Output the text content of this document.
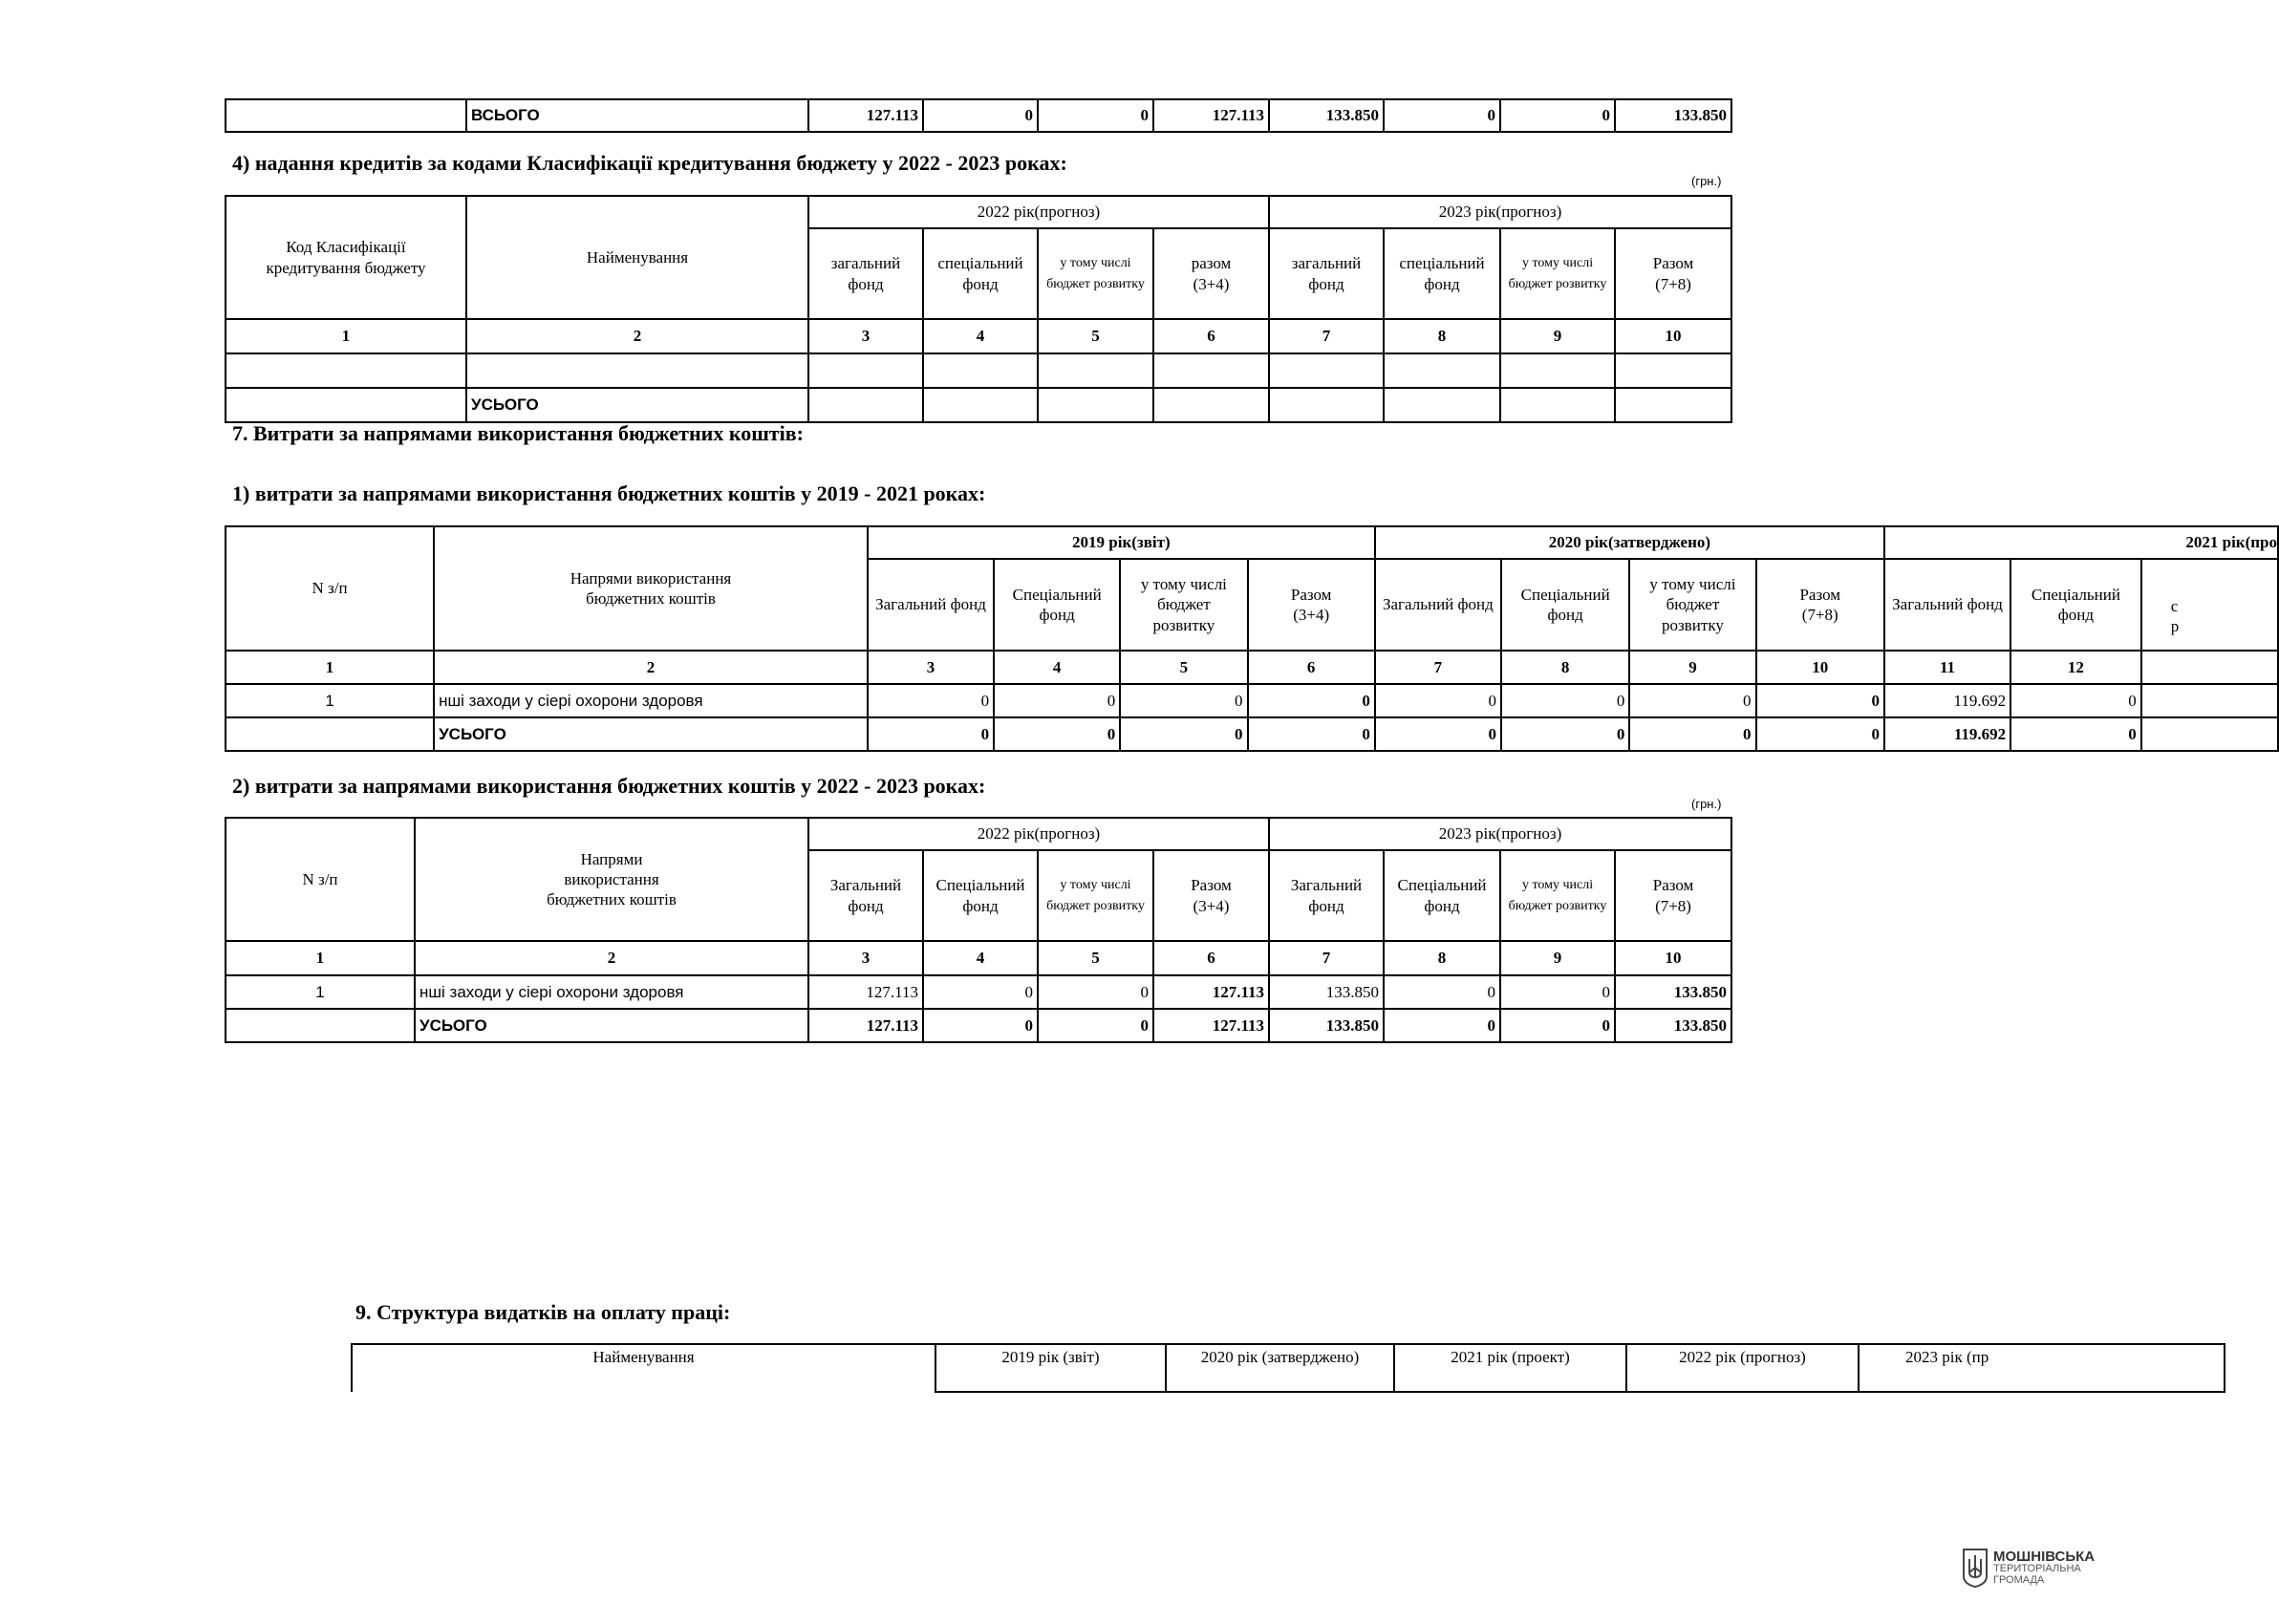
	ВСЬОГО	127.113	0	0	127.113	133.850	0	0	133.850
4) надання кредитів за кодами Класифікації кредитування бюджету у 2022 - 2023 роках:
(грн.)
Код Класифікації кредитування бюджету	Найменування	2022 рік(прогноз)				2023 рік(прогноз)			
		загальний фонд	спеціальний фонд	у тому числі бюджет розвитку	разом (3+4)	загальний фонд	спеціальний фонд	у тому числі бюджет розвитку	Разом (7+8)
1	2	3	4	5	6	7	8	9	10

	УСЬОГО								
7. Витрати за напрямами використання бюджетних коштів:
1) витрати за напрямами використання бюджетних коштів у 2019 - 2021 роках:
N з/п	Напрями використання бюджетних коштів	2019 рік(звіт)				2020 рік(затверджено)				2021 рік(про		
		Загальний фонд	Спеціальний фонд	у тому числі бюджет розвитку	Разом (3+4)	Загальний фонд	Спеціальний фонд	у тому числі бюджет розвитку	Разом (7+8)	Загальний фонд	Спеціальний фонд	с
р

1	2	3	4	5	6	7	8	9	10	11	12	
1	нші заходи у сіері охорони здоровя	0	0	0	0	0	0	0	0	119.692	0	
	УСЬОГО	0	0	0	0	0	0	0	0	119.692	0	
2) витрати за напрямами використання бюджетних коштів у 2022 - 2023 роках:
(грн.)
N з/п	Напрями використання бюджетних коштів	2022 рік(прогноз)				2023 рік(прогноз)			
		Загальний фонд	Спеціальний фонд	у тому числі бюджет розвитку	Разом (3+4)	Загальний фонд	Спеціальний фонд	у тому числі бюджет розвитку	Разом (7+8)
1	2	3	4	5	6	7	8	9	10
1	нші заходи у сіері охорони здоровя	127.113	0	0	127.113	133.850	0	0	133.850
	УСЬОГО	127.113	0	0	127.113	133.850	0	0	133.850
9. Структура видатків на оплату праці:
Найменування	2019 рік (звіт)	2020 рік (затверджено)	2021 рік (проект)	2022 рік (прогноз)	2023 рік (пр
МОШНІВСЬКА
ТЕРИТОРІАЛЬНА
ГРОМАДА
